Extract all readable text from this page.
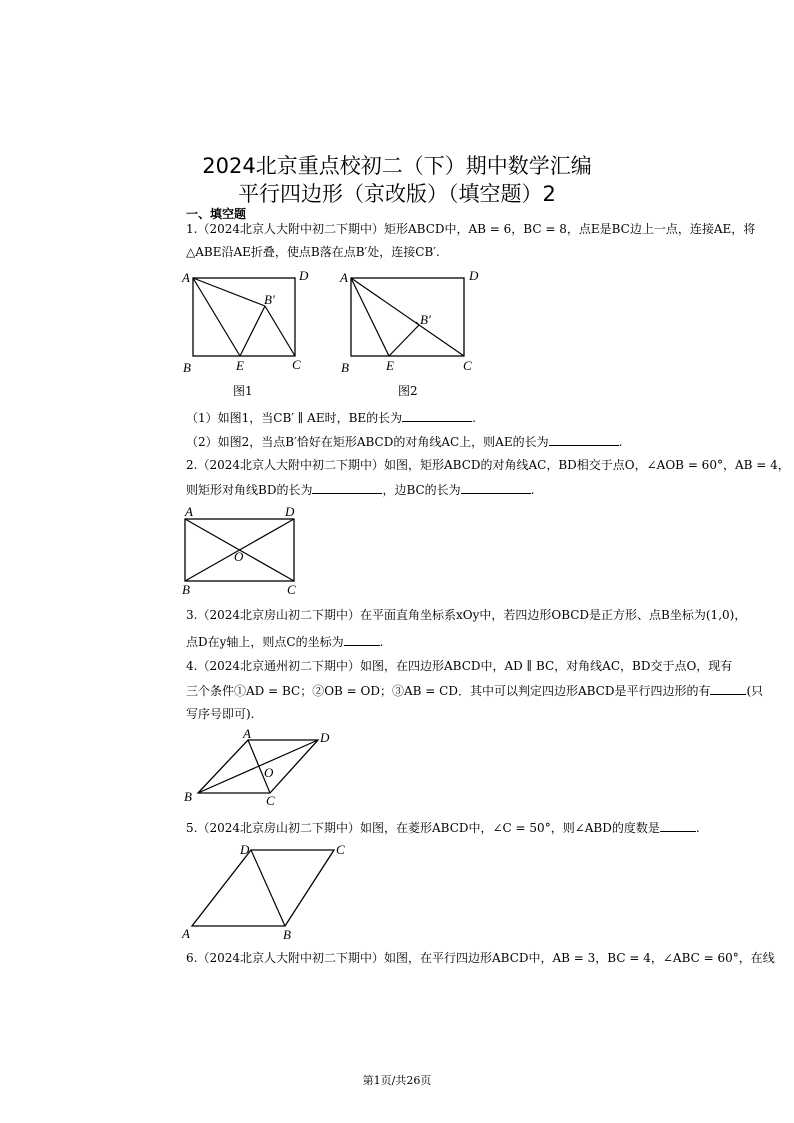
2024北京重点校初二（下）期中数学汇编
平行四边形（京改版）（填空题）2
一、填空题
1.（2024北京人大附中初二下期中）矩形ABCD中，AB = 6，BC = 8，点E是BC边上一点，连接AE，将
△ABE沿AE折叠，使点B落在点B′处，连接CB′.
A	D
B′
B	E	C
图1
A	D
B′
B	E	C
图2
（1）如图1，当CB′ ∥ AE时，BE的长为	.
（2）如图2，当点B′恰好在矩形ABCD的对角线AC上，则AE的长为	.
2.（2024北京人大附中初二下期中）如图，矩形ABCD的对角线AC，BD相交于点O，∠AOB = 60°，AB = 4，
则矩形对角线BD的长为	，边BC的长为	.
A	D
O
B	C
3.（2024北京房山初二下期中）在平面直角坐标系xOy中，若四边形OBCD是正方形、点B坐标为(1,0)，
点D在y轴上，则点C的坐标为	.
4.（2024北京通州初二下期中）如图，在四边形ABCD中，AD ∥ BC，对角线AC，BD交于点O，现有
三个条件①AD = BC；②OB = OD；③AB = CD．其中可以判定四边形ABCD是平行四边形的有	(只
写序号即可).
A	D
O
B	C
5.（2024北京房山初二下期中）如图，在菱形ABCD中，∠C = 50°，则∠ABD的度数是	.
D	C
A	B
6.（2024北京人大附中初二下期中）如图，在平行四边形ABCD中，AB = 3，BC = 4，∠ABC = 60°，在线
第1页/共26页
